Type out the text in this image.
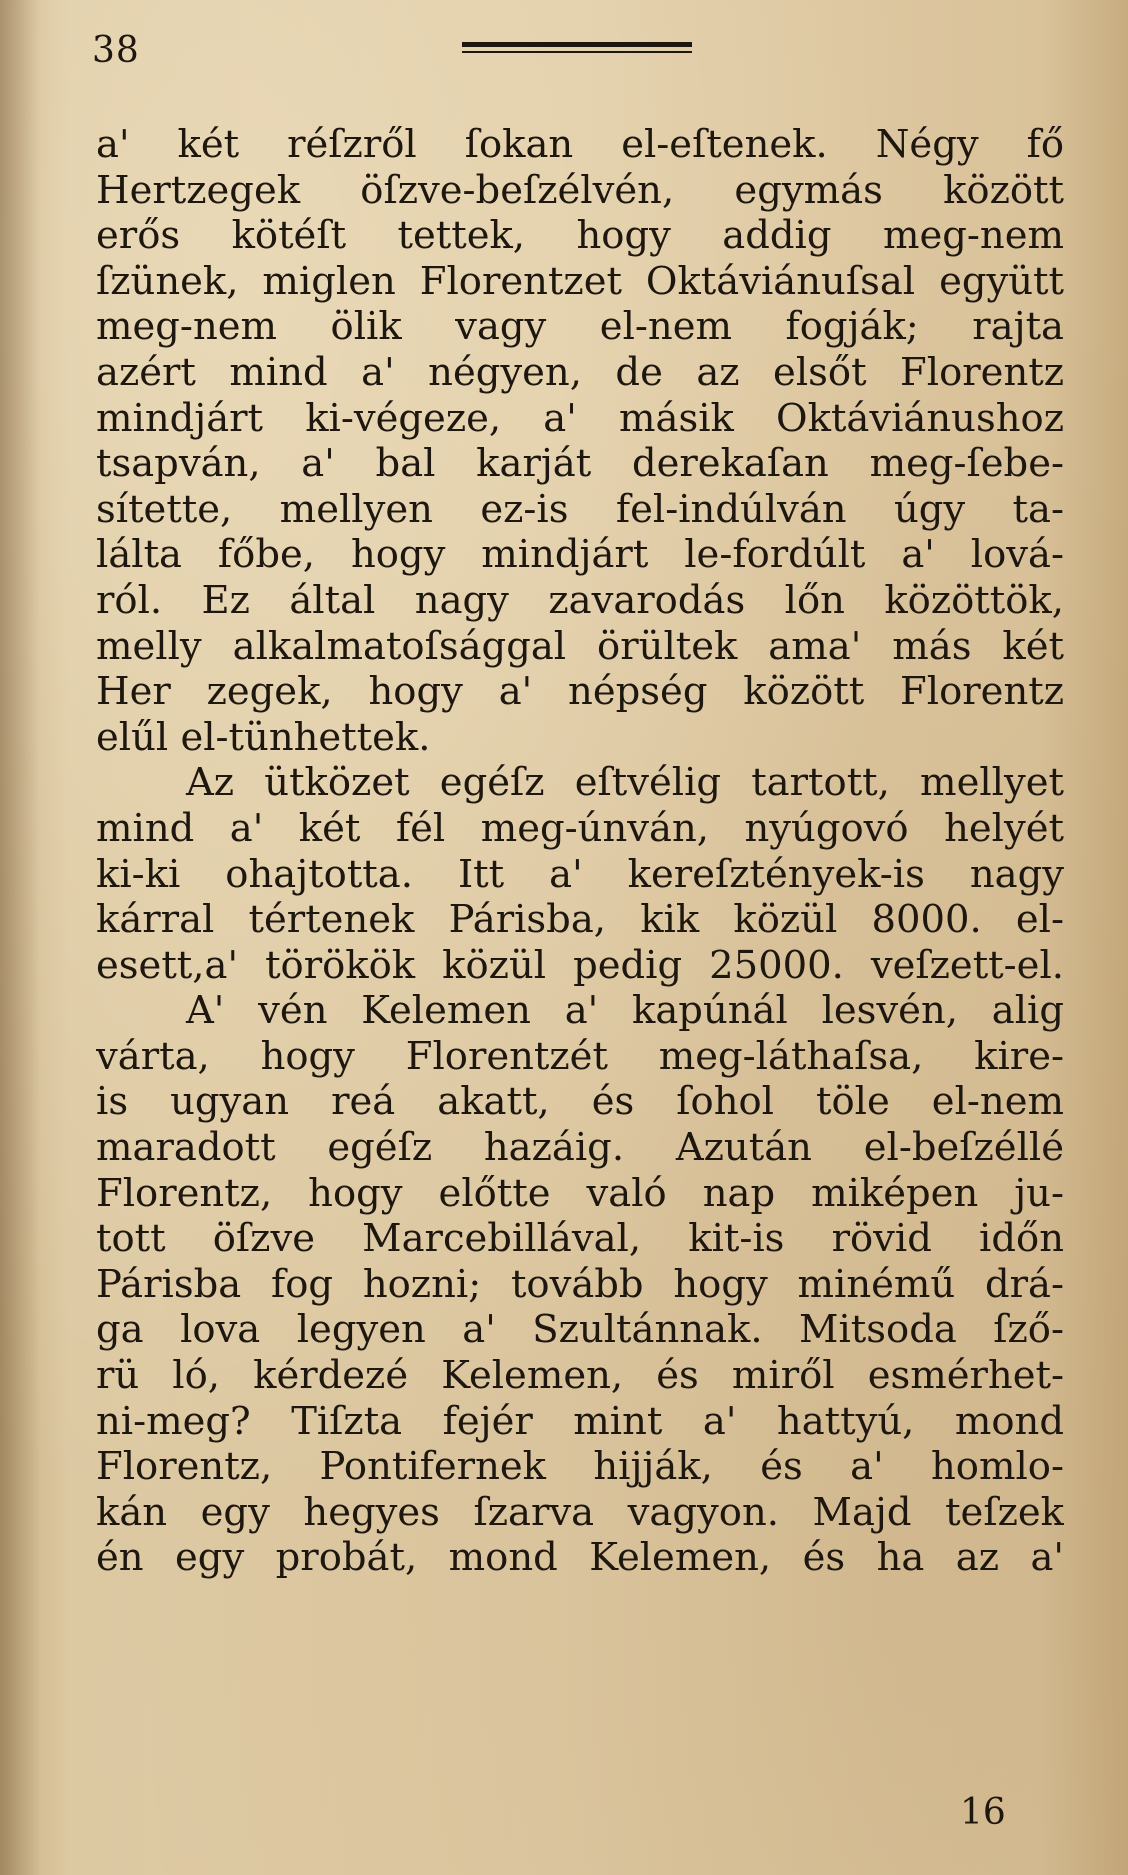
38
a' két réſzről ſokan el-eſtenek. Négy fő
Hertzegek öſzve-beſzélvén, egymás között
erős kötéſt tettek, hogy addig meg-nem
ſzünek, miglen Florentzet Oktáviánuſsal együtt
meg-nem ölik vagy el-nem fogják; rajta
azért mind a' négyen, de az elsőt Florentz
mindjárt ki-végeze, a' másik Oktáviánushoz
tsapván, a' bal karját derekaſan meg-ſebe-
sítette, mellyen ez-is fel-indúlván úgy ta-
lálta főbe, hogy mindjárt le-fordúlt a' lová-
ról. Ez által nagy zavarodás lőn közöttök,
melly alkalmatoſsággal örültek ama' más két
Her zegek, hogy a' népség között Florentz
elűl el-tünhettek.
Az ütközet egéſz eſtvélig tartott, mellyet
mind a' két fél meg-únván, nyúgovó helyét
ki-ki ohajtotta. Itt a' kereſztények-is nagy
kárral tértenek Párisba, kik közül 8000. el-
esett,a' törökök közül pedig 25000. veſzett-el.
A' vén Kelemen a' kapúnál lesvén, alig
várta, hogy Florentzét meg-láthaſsa, kire-
is ugyan reá akatt, és ſohol töle el-nem
maradott egéſz hazáig. Azután el-beſzéllé
Florentz, hogy előtte való nap miképen ju-
tott öſzve Marcebillával, kit-is rövid időn
Párisba fog hozni; tovább hogy minémű drá-
ga lova legyen a' Szultánnak. Mitsoda ſző-
rü ló, kérdezé Kelemen, és miről esmérhet-
ni-meg? Tiſzta fejér mint a' hattyú, mond
Florentz, Pontifernek hijják, és a' homlo-
kán egy hegyes ſzarva vagyon. Majd teſzek
én egy probát, mond Kelemen, és ha az a'
16
